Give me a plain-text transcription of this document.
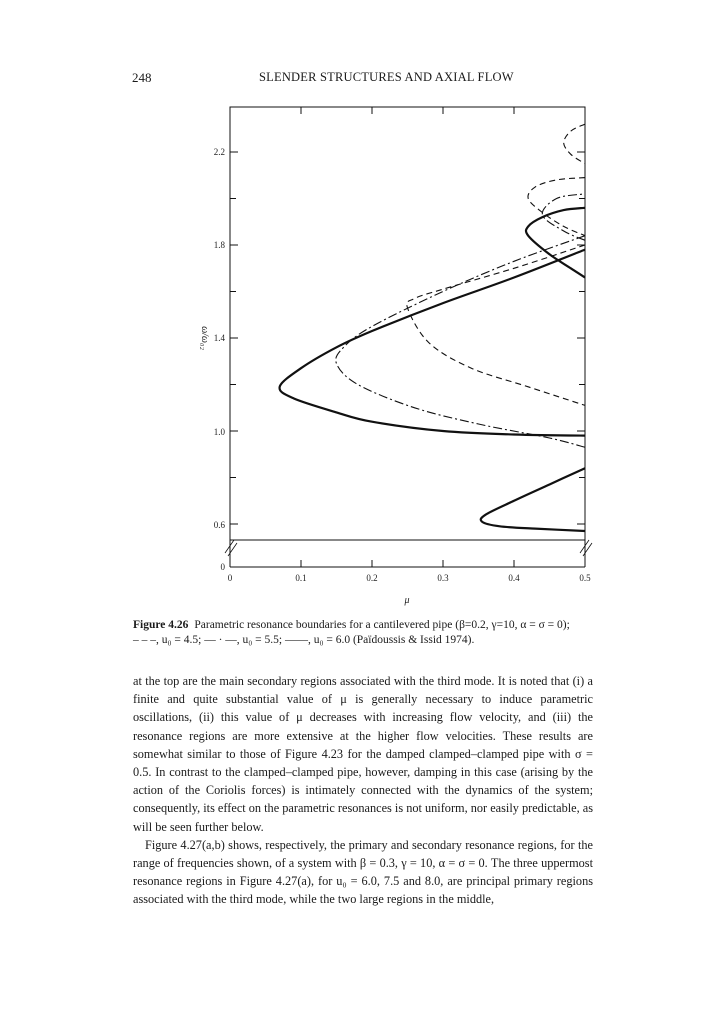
248	SLENDER STRUCTURES AND AXIAL FLOW
0	0.1	0.2	0.3	0.4	0.5
0
0.6
1.0
1.4
1.8
2.2
μ
ω/ω₀₂
Figure 4.26 Parametric resonance boundaries for a cantilevered pipe (β=0.2, γ=10, α = σ = 0);
– – –, u₀ = 4.5; — · —, u₀ = 5.5; ——, u₀ = 6.0 (Païdoussis & Issid 1974).

at the top are the main secondary regions associated with the third mode. It is noted that (i) a finite and quite substantial value of μ is generally necessary to induce parametric oscillations, (ii) this value of μ decreases with increasing flow velocity, and (iii) the resonance regions are more extensive at the higher flow velocities. These results are somewhat similar to those of Figure 4.23 for the damped clamped–clamped pipe with σ = 0.5. In contrast to the clamped–clamped pipe, however, damping in this case (arising by the action of the Coriolis forces) is intimately connected with the dynamics of the system; consequently, its effect on the parametric resonances is not uniform, nor easily predictable, as will be seen further below.

Figure 4.27(a,b) shows, respectively, the primary and secondary resonance regions, for the range of frequencies shown, of a system with β = 0.3, γ = 10, α = σ = 0. The three uppermost resonance regions in Figure 4.27(a), for u₀ = 6.0, 7.5 and 8.0, are principal primary regions associated with the third mode, while the two large regions in the middle,
